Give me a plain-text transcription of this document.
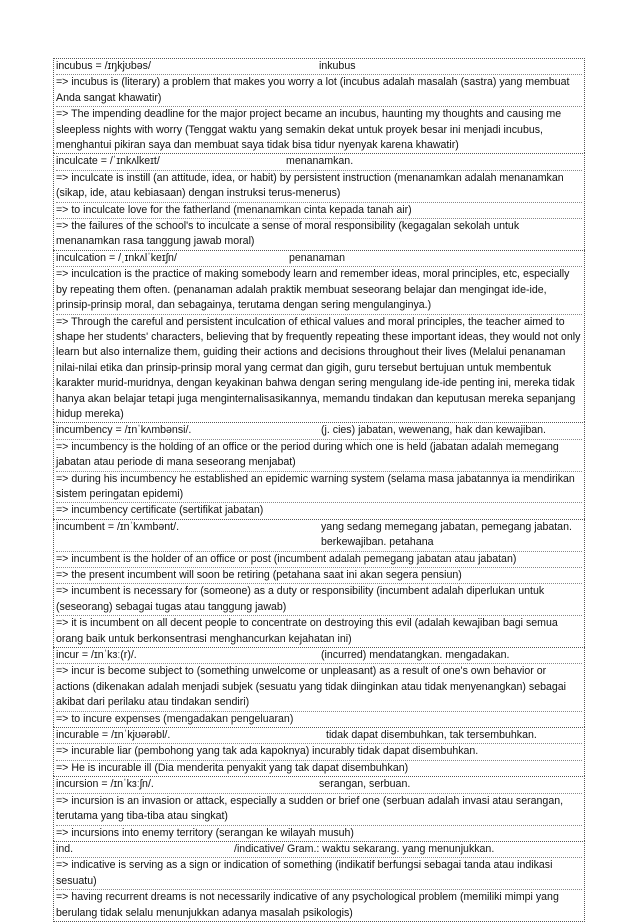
incubus = /ɪŋkjʊbəs/	inkubus
=> incubus is (literary) a problem that makes you worry a lot (incubus adalah masalah (sastra) yang membuat Anda sangat khawatir)
=> The impending deadline for the major project became an incubus, haunting my thoughts and causing me sleepless nights with worry (Tenggat waktu yang semakin dekat untuk proyek besar ini menjadi incubus, menghantui pikiran saya dan membuat saya tidak bisa tidur nyenyak karena khawatir)
inculcate = /ˈɪnkʌlkeɪt/	menanamkan.
=> inculcate is instill (an attitude, idea, or habit) by persistent instruction (menanamkan adalah menanamkan (sikap, ide, atau kebiasaan) dengan instruksi terus-menerus)
=> to inculcate love for the fatherland (menanamkan cinta kepada tanah air)
=> the failures of the school's to inculcate a sense of moral responsibility (kegagalan sekolah untuk menanamkan rasa tanggung jawab moral)
inculcation = /ˌɪnkʌlˈkeɪʃn/	penanaman
=> inculcation is the practice of making somebody learn and remember ideas, moral principles, etc, especially by repeating them often. (penanaman adalah praktik membuat seseorang belajar dan mengingat ide-ide, prinsip-prinsip moral, dan sebagainya, terutama dengan sering mengulanginya.)
=> Through the careful and persistent inculcation of ethical values and moral principles, the teacher aimed to shape her students' characters, believing that by frequently repeating these important ideas, they would not only learn but also internalize them, guiding their actions and decisions throughout their lives (Melalui penanaman nilai-nilai etika dan prinsip-prinsip moral yang cermat dan gigih, guru tersebut bertujuan untuk membentuk karakter murid-muridnya, dengan keyakinan bahwa dengan sering mengulang ide-ide penting ini, mereka tidak hanya akan belajar tetapi juga menginternalisasikannya, memandu tindakan dan keputusan mereka sepanjang hidup mereka)
incumbency = /ɪnˈkʌmbənsi/.	(j. cies) jabatan, wewenang, hak dan kewajiban.
=> incumbency is the holding of an office or the period during which one is held (jabatan adalah memegang jabatan atau periode di mana seseorang menjabat)
=> during his incumbency he established an epidemic warning system (selama masa jabatannya ia mendirikan sistem peringatan epidemi)
=> incumbency certificate (sertifikat jabatan)
incumbent = /ɪnˈkʌmbənt/.	yang sedang memegang jabatan, pemegang jabatan. berkewajiban. petahana
=> incumbent is the holder of an office or post (incumbent adalah pemegang jabatan atau jabatan)
=> the present incumbent will soon be retiring (petahana saat ini akan segera pensiun)
=> incumbent is necessary for (someone) as a duty or responsibility (incumbent adalah diperlukan untuk (seseorang) sebagai tugas atau tanggung jawab)
=> it is incumbent on all decent people to concentrate on destroying this evil (adalah kewajiban bagi semua orang baik untuk berkonsentrasi menghancurkan kejahatan ini)
incur = /ɪnˈkɜː(r)/.	(incurred) mendatangkan. mengadakan.
=> incur is become subject to (something unwelcome or unpleasant) as a result of one's own behavior or actions (dikenakan adalah menjadi subjek (sesuatu yang tidak diinginkan atau tidak menyenangkan) sebagai akibat dari perilaku atau tindakan sendiri)
=> to incure expenses (mengadakan pengeluaran)
incurable = /ɪnˈkjʊərəbl/.	tidak dapat disembuhkan, tak tersembuhkan.
=> incurable liar (pembohong yang tak ada kapoknya) incurably tidak dapat disembuhkan.
=> He is incurable ill (Dia menderita penyakit yang tak dapat disembuhkan)
incursion = /ɪnˈkɜːʃn/.	serangan, serbuan.
=> incursion is an invasion or attack, especially a sudden or brief one (serbuan adalah invasi atau serangan, terutama yang tiba-tiba atau singkat)
=> incursions into enemy territory (serangan ke wilayah musuh)
ind.	/indicative/ Gram.: waktu sekarang. yang menunjukkan.
=> indicative is serving as a sign or indication of something (indikatif berfungsi sebagai tanda atau indikasi sesuatu)
=> having recurrent dreams is not necessarily indicative of any psychological problem (memiliki mimpi yang berulang tidak selalu menunjukkan adanya masalah psikologis)
